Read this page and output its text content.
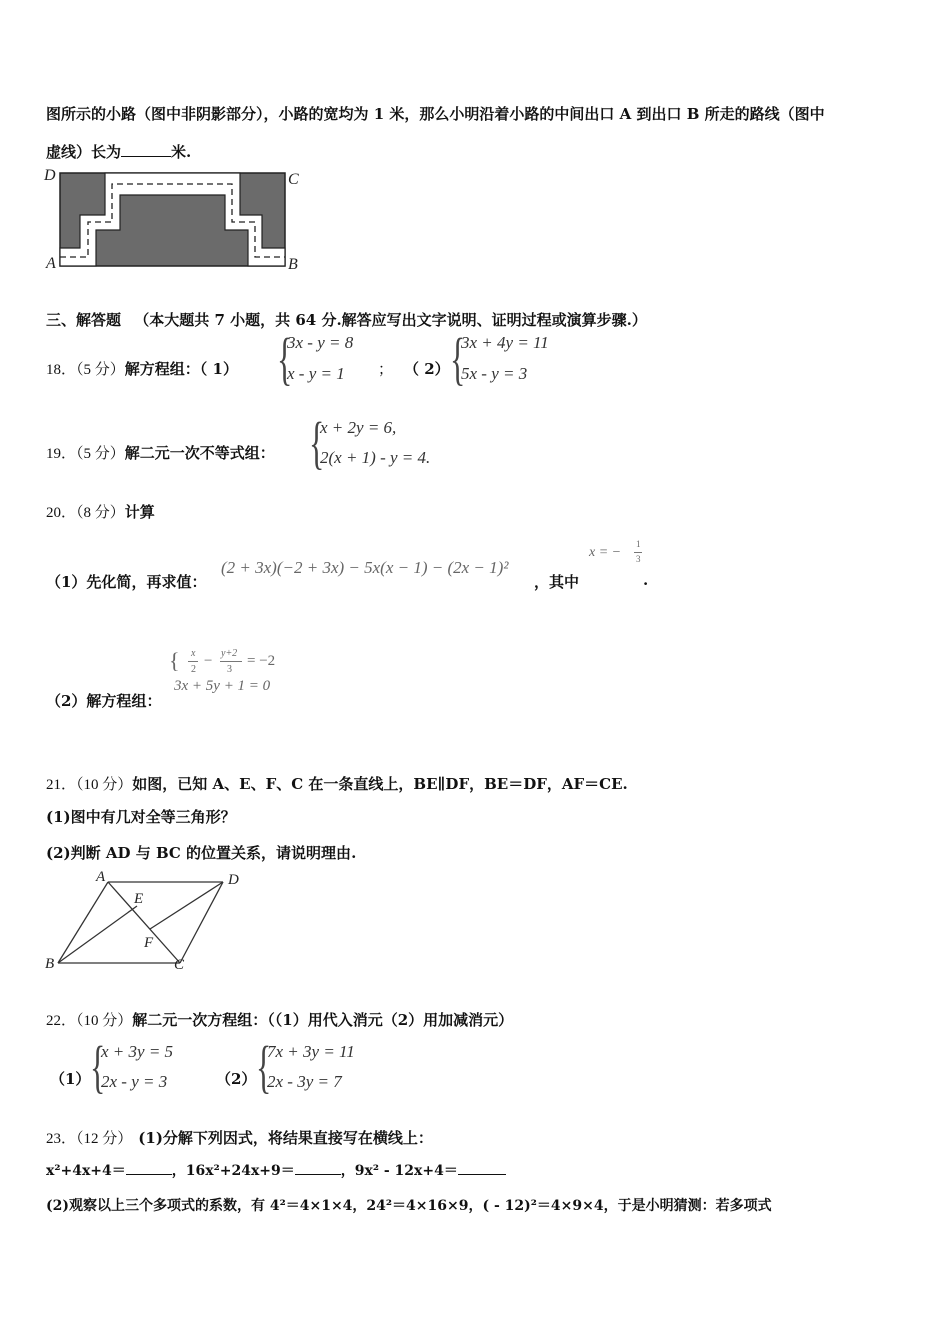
图所示的小路（图中非阴影部分），小路的宽均为 1 米，那么小明沿着小路的中间出口 A 到出口 B 所走的路线（图中
虚线）长为	米.
D	C
A	B
三、解答题 （本大题共 7 小题，共 64 分.解答应写出文字说明、证明过程或演算步骤.）
18．（5 分）解方程组：（ 1） {
3x - y = 8
x - y = 1 ； （ 2） {
3x + 4y = 11
5x - y = 3
19．（5 分）解二元一次不等式组： {
x + 2y = 6,
2(x + 1) - y = 4.
20．（8 分）计算
（1）先化简，再求值：
(2 + 3x)(−2 + 3x) − 5x(x − 1) − (2x − 1)²
，其中
x = −
1
3
.
（2）解方程组：
{ x
2
− y+2
3
= −2
3x + 5y + 1 = 0
21．（10 分）如图，已知 A、E、F、C 在一条直线上，BE∥DF，BE＝DF，AF＝CE.
(1)图中有几对全等三角形？
(2)判断 AD 与 BC 的位置关系，请说明理由.
A	D
E
F
B	C
22．（10 分）解二元一次方程组：（（1）用代入消元（2）用加减消元）
（1） {
x + 3y = 5
2x - y = 3	（2） {
7x + 3y = 11
2x - 3y = 7
23．（12 分） (1)分解下列因式，将结果直接写在横线上：
x²+4x+4＝	，16x²+24x+9＝	，9x² - 12x+4＝
(2)观察以上三个多项式的系数，有 4²＝4×1×4，24²＝4×16×9，( - 12)²＝4×9×4，于是小明猜测：若多项式
